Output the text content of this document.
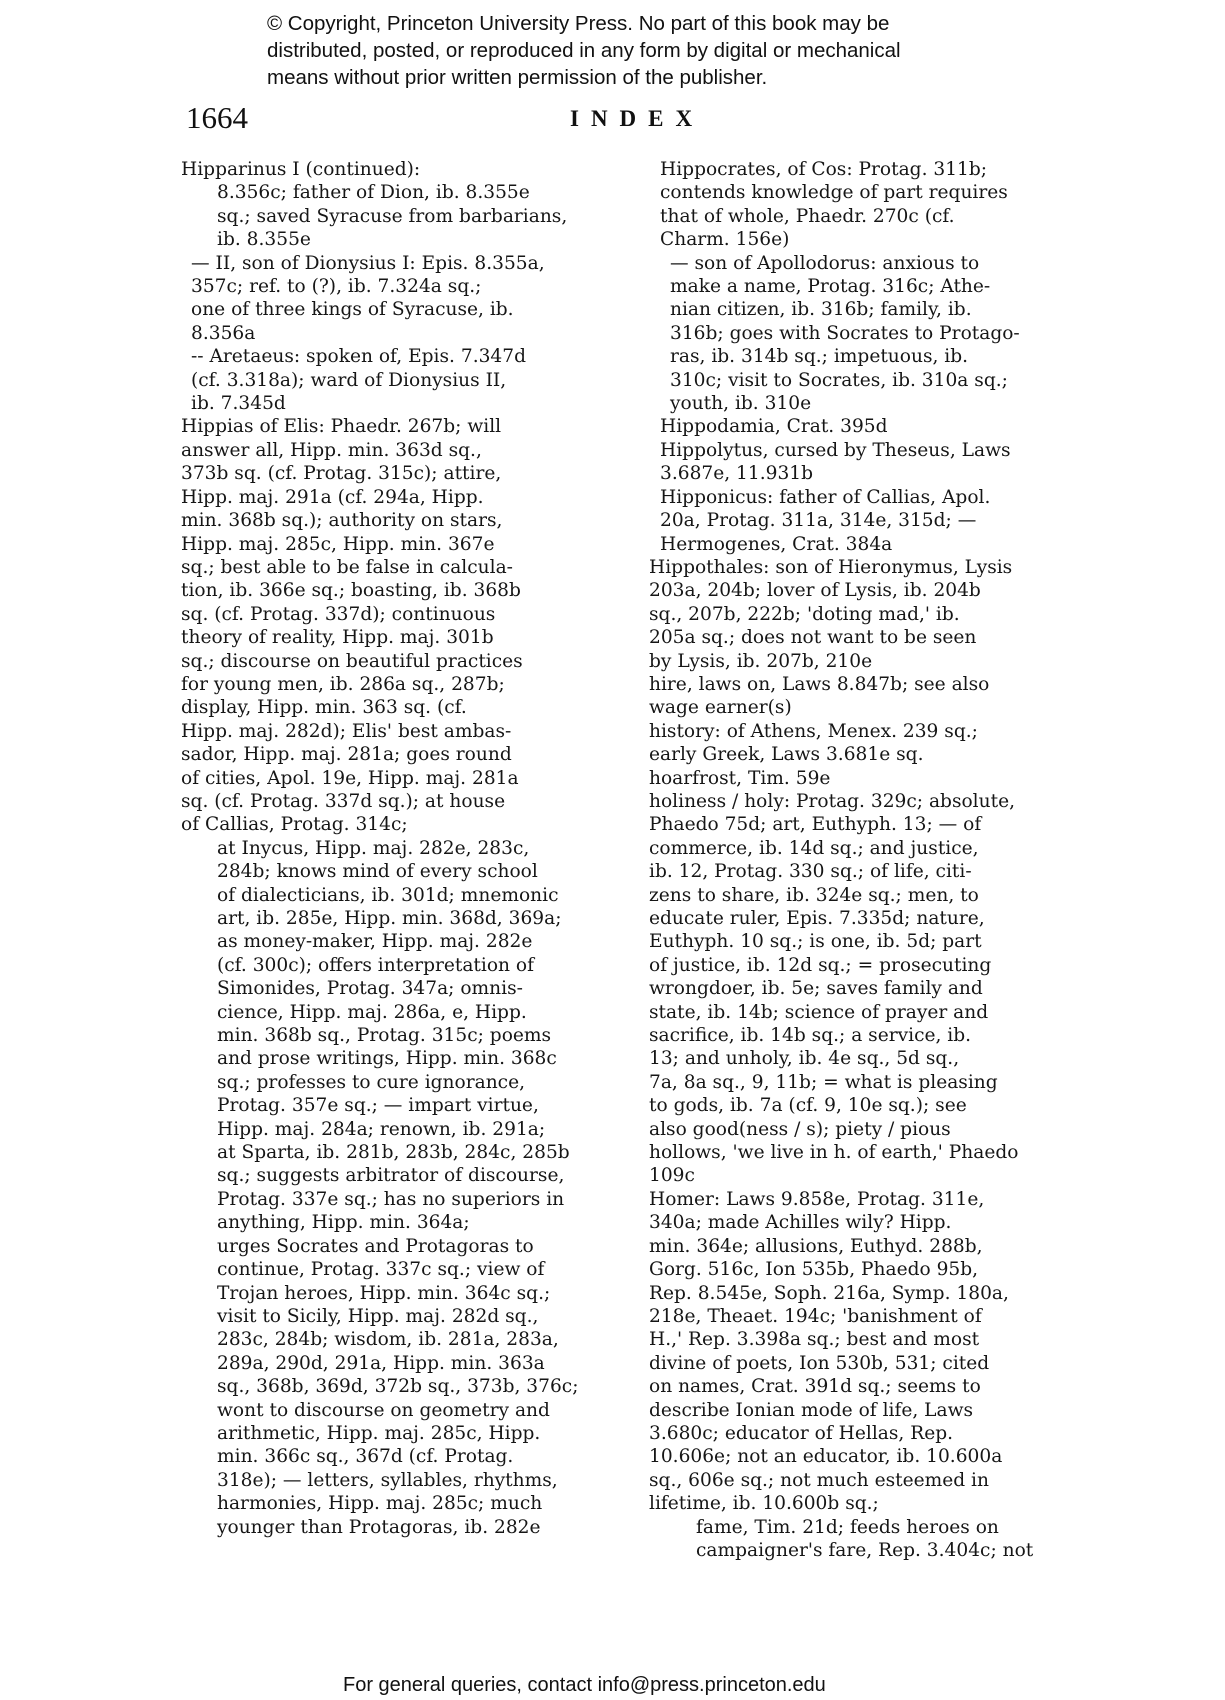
© Copyright, Princeton University Press. No part of this book may be
distributed, posted, or reproduced in any form by digital or mechanical
means without prior written permission of the publisher.
1664	INDEX
Hipparinus I (continued):
8.356c; father of Dion, ib. 8.355e
sq.; saved Syracuse from barbarians,
ib. 8.355e
— II, son of Dionysius I: Epis. 8.355a,
357c; ref. to (?), ib. 7.324a sq.;
one of three kings of Syracuse, ib.
8.356a
-- Aretaeus: spoken of, Epis. 7.347d
(cf. 3.318a); ward of Dionysius II,
ib. 7.345d
Hippias of Elis: Phaedr. 267b; will
answer all, Hipp. min. 363d sq.,
373b sq. (cf. Protag. 315c); attire,
Hipp. maj. 291a (cf. 294a, Hipp.
min. 368b sq.); authority on stars,
Hipp. maj. 285c, Hipp. min. 367e
sq.; best able to be false in calcula-
tion, ib. 366e sq.; boasting, ib. 368b
sq. (cf. Protag. 337d); continuous
theory of reality, Hipp. maj. 301b
sq.; discourse on beautiful practices
for young men, ib. 286a sq., 287b;
display, Hipp. min. 363 sq. (cf.
Hipp. maj. 282d); Elis' best ambas-
sador, Hipp. maj. 281a; goes round
of cities, Apol. 19e, Hipp. maj. 281a
sq. (cf. Protag. 337d sq.); at house
of Callias, Protag. 314c;
at Inycus, Hipp. maj. 282e, 283c,
284b; knows mind of every school
of dialecticians, ib. 301d; mnemonic
art, ib. 285e, Hipp. min. 368d, 369a;
as money-maker, Hipp. maj. 282e
(cf. 300c); offers interpretation of
Simonides, Protag. 347a; omnis-
cience, Hipp. maj. 286a, e, Hipp.
min. 368b sq., Protag. 315c; poems
and prose writings, Hipp. min. 368c
sq.; professes to cure ignorance,
Protag. 357e sq.; — impart virtue,
Hipp. maj. 284a; renown, ib. 291a;
at Sparta, ib. 281b, 283b, 284c, 285b
sq.; suggests arbitrator of discourse,
Protag. 337e sq.; has no superiors in
anything, Hipp. min. 364a;
urges Socrates and Protagoras to
continue, Protag. 337c sq.; view of
Trojan heroes, Hipp. min. 364c sq.;
visit to Sicily, Hipp. maj. 282d sq.,
283c, 284b; wisdom, ib. 281a, 283a,
289a, 290d, 291a, Hipp. min. 363a
sq., 368b, 369d, 372b sq., 373b, 376c;
wont to discourse on geometry and
arithmetic, Hipp. maj. 285c, Hipp.
min. 366c sq., 367d (cf. Protag.
318e); — letters, syllables, rhythms,
harmonies, Hipp. maj. 285c; much
younger than Protagoras, ib. 282e
Hippocrates, of Cos: Protag. 311b;
contends knowledge of part requires
that of whole, Phaedr. 270c (cf.
Charm. 156e)
— son of Apollodorus: anxious to
make a name, Protag. 316c; Athe-
nian citizen, ib. 316b; family, ib.
316b; goes with Socrates to Protago-
ras, ib. 314b sq.; impetuous, ib.
310c; visit to Socrates, ib. 310a sq.;
youth, ib. 310e
Hippodamia, Crat. 395d
Hippolytus, cursed by Theseus, Laws
3.687e, 11.931b
Hipponicus: father of Callias, Apol.
20a, Protag. 311a, 314e, 315d; —
Hermogenes, Crat. 384a
Hippothales: son of Hieronymus, Lysis
203a, 204b; lover of Lysis, ib. 204b
sq., 207b, 222b; 'doting mad,' ib.
205a sq.; does not want to be seen
by Lysis, ib. 207b, 210e
hire, laws on, Laws 8.847b; see also
wage earner(s)
history: of Athens, Menex. 239 sq.;
early Greek, Laws 3.681e sq.
hoarfrost, Tim. 59e
holiness / holy: Protag. 329c; absolute,
Phaedo 75d; art, Euthyph. 13; — of
commerce, ib. 14d sq.; and justice,
ib. 12, Protag. 330 sq.; of life, citi-
zens to share, ib. 324e sq.; men, to
educate ruler, Epis. 7.335d; nature,
Euthyph. 10 sq.; is one, ib. 5d; part
of justice, ib. 12d sq.; = prosecuting
wrongdoer, ib. 5e; saves family and
state, ib. 14b; science of prayer and
sacrifice, ib. 14b sq.; a service, ib.
13; and unholy, ib. 4e sq., 5d sq.,
7a, 8a sq., 9, 11b; = what is pleasing
to gods, ib. 7a (cf. 9, 10e sq.); see
also good(ness / s); piety / pious
hollows, 'we live in h. of earth,' Phaedo
109c
Homer: Laws 9.858e, Protag. 311e,
340a; made Achilles wily? Hipp.
min. 364e; allusions, Euthyd. 288b,
Gorg. 516c, Ion 535b, Phaedo 95b,
Rep. 8.545e, Soph. 216a, Symp. 180a,
218e, Theaet. 194c; 'banishment of
H.,' Rep. 3.398a sq.; best and most
divine of poets, Ion 530b, 531; cited
on names, Crat. 391d sq.; seems to
describe Ionian mode of life, Laws
3.680c; educator of Hellas, Rep.
10.606e; not an educator, ib. 10.600a
sq., 606e sq.; not much esteemed in
lifetime, ib. 10.600b sq.;
fame, Tim. 21d; feeds heroes on
campaigner's fare, Rep. 3.404c; not
For general queries, contact info@press.princeton.edu
